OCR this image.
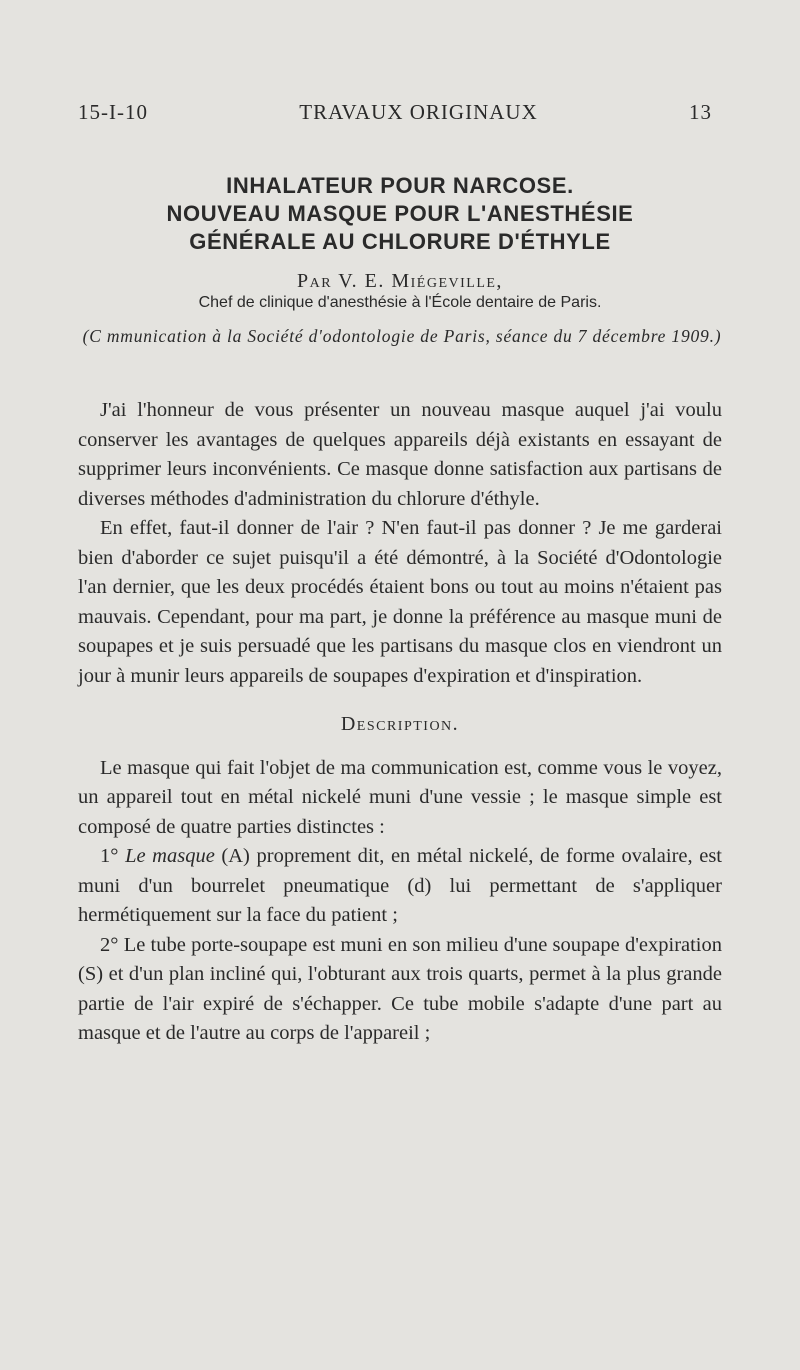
15-I-10	TRAVAUX ORIGINAUX	13
INHALATEUR POUR NARCOSE.
NOUVEAU MASQUE POUR L'ANESTHÉSIE
GÉNÉRALE AU CHLORURE D'ÉTHYLE
Par V. E. Miégeville,
Chef de clinique d'anesthésie à l'École dentaire de Paris.
(C mmunication à la Société d'odontologie de Paris, séance du 7 décembre 1909.)

J'ai l'honneur de vous présenter un nouveau masque auquel j'ai voulu conserver les avantages de quelques appareils déjà existants en essayant de supprimer leurs inconvénients. Ce masque donne satisfaction aux partisans de diverses méthodes d'administration du chlorure d'éthyle.

En effet, faut-il donner de l'air ? N'en faut-il pas donner ? Je me garderai bien d'aborder ce sujet puisqu'il a été démontré, à la Société d'Odontologie l'an dernier, que les deux procédés étaient bons ou tout au moins n'étaient pas mauvais. Cependant, pour ma part, je donne la préférence au masque muni de soupapes et je suis persuadé que les partisans du masque clos en viendront un jour à munir leurs appareils de soupapes d'expiration et d'inspiration.

Description.

Le masque qui fait l'objet de ma communication est, comme vous le voyez, un appareil tout en métal nickelé muni d'une vessie ; le masque simple est composé de quatre parties distinctes :

1° Le masque (A) proprement dit, en métal nickelé, de forme ovalaire, est muni d'un bourrelet pneumatique (d) lui permettant de s'appliquer hermétiquement sur la face du patient ;

2° Le tube porte-soupape est muni en son milieu d'une soupape d'expiration (S) et d'un plan incliné qui, l'obturant aux trois quarts, permet à la plus grande partie de l'air expiré de s'échapper. Ce tube mobile s'adapte d'une part au masque et de l'autre au corps de l'appareil ;
